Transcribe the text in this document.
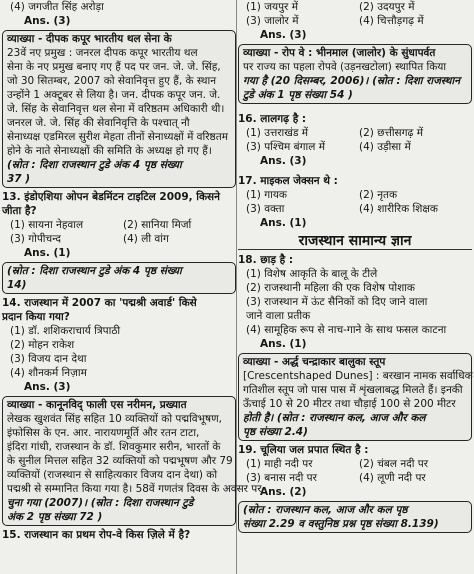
(4) जगजीत सिंह अरोड़ा
Ans. (3)
व्याख्या - दीपक कपूर भारतीय थल सेना के
23वें नए प्रमुख : जनरल दीपक कपूर भारतीय थल
सेना के नए प्रमुख बनाए गए हैं पद पर जन. जे. जे. सिंह,
जो 30 सितम्बर, 2007 को सेवानिवृत्त हुए हैं, के स्थान
उन्होंने 1 अक्टूबर से लिया है। जन. दीपक कपूर जन. जे.
जे. सिंह के सेवानिवृत्त थल सेना में वरिष्ठतम अधिकारी थी।
जनरल जे. जे. सिंह की सेवानिवृत्ति के पश्चात् नौ
सेनाध्यक्ष एडमिरल सुरीश मेहता तीनों सेनाध्यक्षों में वरिष्ठतम
होने के नाते सेनाध्यक्षों की समिति के अध्यक्ष हो गए हैं।
(स्रोत : दिशा राजस्थान टुडे अंक 4 पृष्ठ संख्या
37 )
13. इंडोएशिया ओपन बेडमिंटन टाइटिल 2009, किसने
जीता है?
(1) सायना नेहवाल	(2) सानिया मिर्जा
(3) गोपीचन्द	(4) ली वांग
Ans. (1)
(स्रोत : दिशा राजस्थान टुडे अंक 4 पृष्ठ संख्या
14)
14. राजस्थान में 2007 का 'पद्मश्री अवार्ड' किसे
प्रदान किया गया?
(1) डॉ. शशिकराचार्य त्रिपाठी
(2) मोहन राकेश
(3) विजय दान देथा
(4) शौनकर्म निज़ाम
Ans. (3)
व्याख्या - कानूनविद् फाली एस नरीमन, प्रख्यात
लेखक खुशवंत सिंह सहित 10 व्यक्तियों को पद्मविभूषण,
इंफोसिस के एन. आर. नारायणमूर्ति और रतन टाटा,
इंदिरा गांधी, राजस्थान के डॉ. शिवकुमार सरीन, भारतों के
के सुनील मित्तल सहित 32 व्यक्तियों को पद्मभूषण और 79
व्यक्तियों (राजस्थान से साहित्यकार विजय दान देथा) को
पद्मश्री से सम्मानित किया गया है। 58वें गणतंत्र दिवस के अवसर पर
चुना गया (2007)। (स्रोत : दिशा राजस्थान टुडे
अंक 2 पृष्ठ संख्या 72 )
15. राजस्थान का प्रथम रोप-वे किस ज़िले में है?
(1) जयपुर में	(2) उदयपुर में
(3) जालोर में	(4) चित्तौड़गढ़ में
Ans. (3)
व्याख्या - रोप वे : भीनमाल (जालोर) के सुंधापर्वत
पर राज्य का पहला रोपवे (उड़नखटोला) स्थापित किया
गया है (20 दिसम्बर, 2006)। (स्रोत : दिशा राजस्थान
टुडे अंक 1 पृष्ठ संख्या 54 )
16. लालगढ़ है :
(1) उत्तराखंड में	(2) छत्तीसगढ़ में
(3) पश्चिम बंगाल में	(4) उड़ीसा में
Ans. (3)
17. माइकल जेक्सन थे :
(1) गायक	(2) नृतक
(3) वक्ता	(4) शारीरिक शिक्षक
Ans. (1)
राजस्थान सामान्य ज्ञान
18. छाड़ है :
(1) विशेष आकृति के बालू के टीले
(2) राजस्थानी महिला की एक विशेष पोशाक
(3) राजस्थान में ऊंट सैनिकों को दिए जाने वाला
जाने वाला प्रतीक
(4) सामूहिक रूप से नाच-गाने के साथ फसल काटना
Ans. (1)
व्याख्या - अर्द्ध चन्द्राकार बालुका स्तूप
[Crescentshaped Dunes] : बरखान नामक सर्वाधिक
गतिशील स्तूप जो पास पास में शृंखलाबद्ध मिलते हैं। इनकी
ऊँचाई 10 से 20 मीटर तथा चौड़ाई 100 से 200 मीटर
होती है। (स्रोत : राजस्थान कल, आज और कल
पृष्ठ संख्या 2.4)
19. चूलिया जल प्रपात स्थित है :
(1) माही नदी पर	(2) चंबल नदी पर
(3) बनास नदी पर	(4) लूणी नदी पर
Ans. (2)
(स्रोत : राजस्थान कल, आज और कल पृष्ठ
संख्या 2.29 व वस्तुनिष्ठ प्रश्न पृष्ठ संख्या 8.139)
